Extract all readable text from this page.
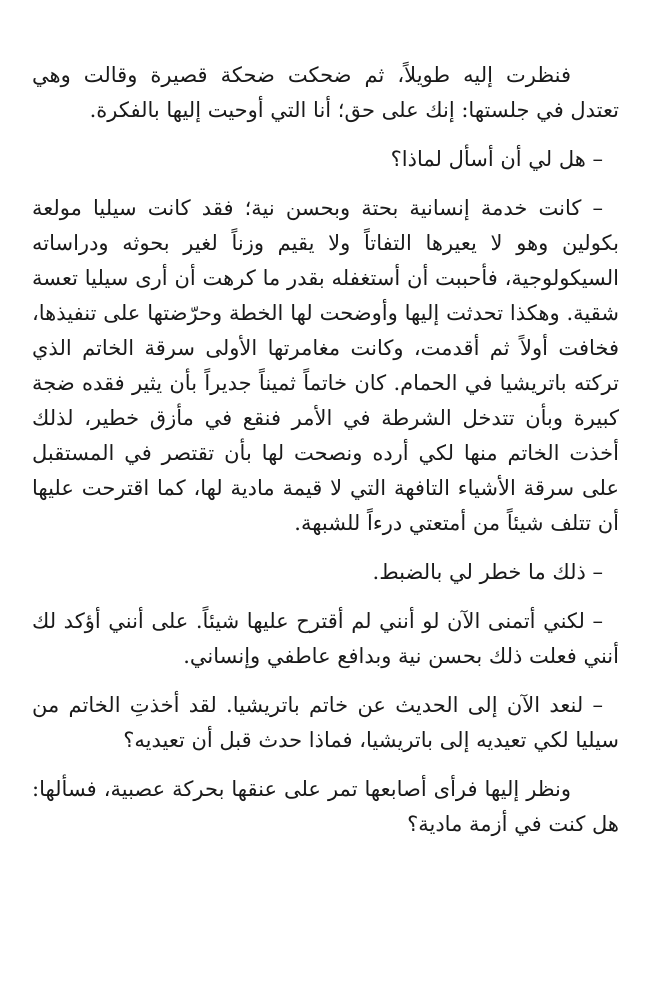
فنظرت إليه طويلاً، ثم ضحكت ضحكة قصيرة وقالت وهي تعتدل في جلستها: إنك على حق؛ أنا التي أوحيت إليها بالفكرة.

– هل لي أن أسأل لماذا؟

– كانت خدمة إنسانية بحتة وبحسن نية؛ فقد كانت سيليا مولعة بكولين وهو لا يعيرها التفاتاً ولا يقيم وزناً لغير بحوثه ودراساته السيكولوجية، فأحببت أن أستغفله بقدر ما كرهت أن أرى سيليا تعسة شقية. وهكذا تحدثت إليها وأوضحت لها الخطة وحرّضتها على تنفيذها، فخافت أولاً ثم أقدمت، وكانت مغامرتها الأولى سرقة الخاتم الذي تركته باتريشيا في الحمام. كان خاتماً ثميناً جديراً بأن يثير فقده ضجة كبيرة وبأن تتدخل الشرطة في الأمر فنقع في مأزق خطير، لذلك أخذت الخاتم منها لكي أرده ونصحت لها بأن تقتصر في المستقبل على سرقة الأشياء التافهة التي لا قيمة مادية لها، كما اقترحت عليها أن تتلف شيئاً من أمتعتي درءاً للشبهة.

– ذلك ما خطر لي بالضبط.

– لكني أتمنى الآن لو أنني لم أقترح عليها شيئاً. على أنني أؤكد لك أنني فعلت ذلك بحسن نية وبدافع عاطفي وإنساني.

– لنعد الآن إلى الحديث عن خاتم باتريشيا. لقد أخذتِ الخاتم من سيليا لكي تعيديه إلى باتريشيا، فماذا حدث قبل أن تعيديه؟

ونظر إليها فرأى أصابعها تمر على عنقها بحركة عصبية، فسألها: هل كنت في أزمة مادية؟
